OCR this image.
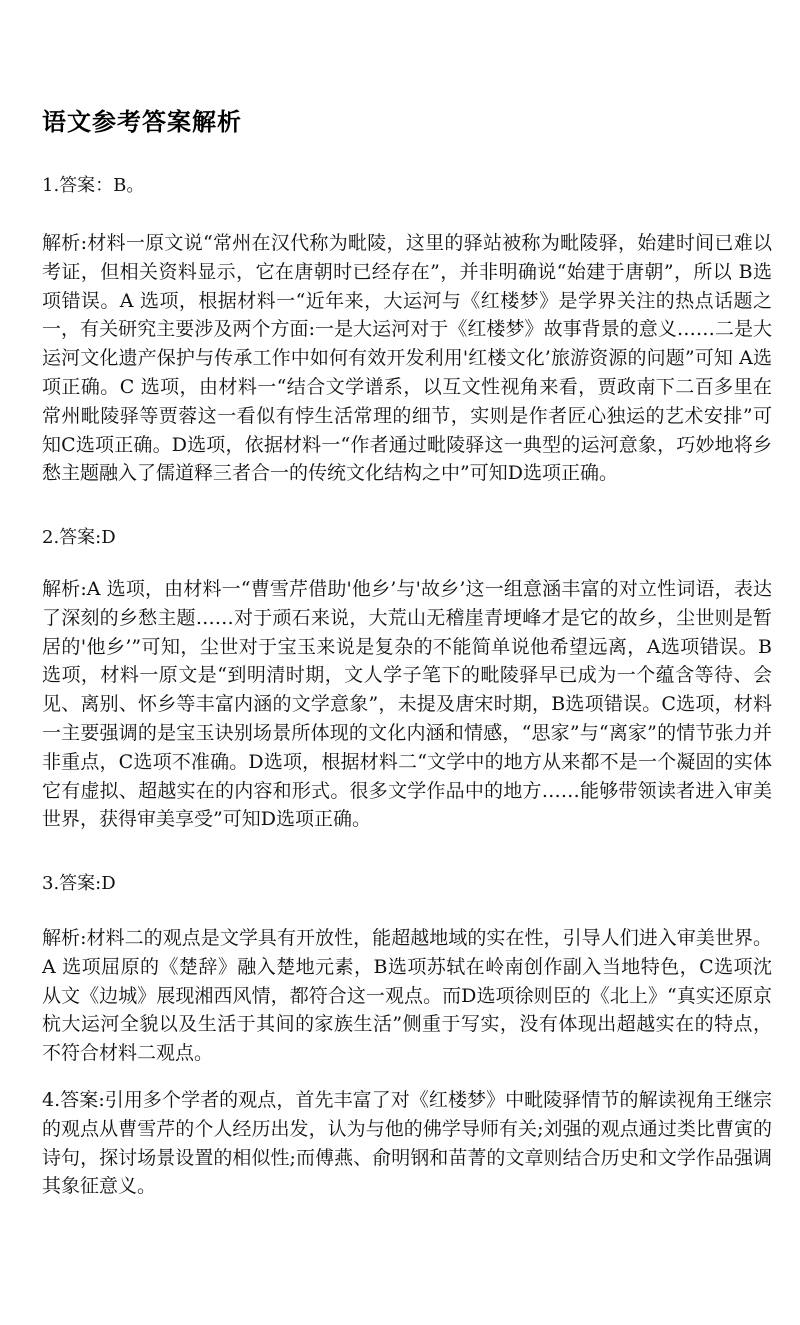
语文参考答案解析

1.答案：B。

解析:材料一原文说“常州在汉代称为毗陵，这里的驿站被称为毗陵驿，始建时间已难以考证，但相关资料显示，它在唐朝时已经存在”，并非明确说“始建于唐朝”，所以 B选项错误。A 选项，根据材料一“近年来，大运河与《红楼梦》是学界关注的热点话题之一，有关研究主要涉及两个方面:一是大运河对于《红楼梦》故事背景的意义……二是大运河文化遗产保护与传承工作中如何有效开发利用'红楼文化’旅游资源的问题”可知 A选项正确。C 选项，由材料一“结合文学谱系，以互文性视角来看，贾政南下二百多里在常州毗陵驿等贾蓉这一看似有悖生活常理的细节，实则是作者匠心独运的艺术安排”可知C选项正确。D选项，依据材料一“作者通过毗陵驿这一典型的运河意象，巧妙地将乡愁主题融入了儒道释三者合一的传统文化结构之中”可知D选项正确。

2.答案:D

解析:A 选项，由材料一“曹雪芹借助'他乡’与'故乡’这一组意涵丰富的对立性词语，表达了深刻的乡愁主题……对于顽石来说，大荒山无稽崖青埂峰才是它的故乡，尘世则是暂居的'他乡’”可知，尘世对于宝玉来说是复杂的不能简单说他希望远离，A选项错误。B选项，材料一原文是“到明清时期，文人学子笔下的毗陵驿早已成为一个蕴含等待、会见、离别、怀乡等丰富内涵的文学意象”，未提及唐宋时期，B选项错误。C选项，材料一主要强调的是宝玉诀别场景所体现的文化内涵和情感，“思家”与“离家”的情节张力并非重点，C选项不准确。D选项，根据材料二“文学中的地方从来都不是一个凝固的实体它有虚拟、超越实在的内容和形式。很多文学作品中的地方……能够带领读者进入审美世界，获得审美享受”可知D选项正确。

3.答案:D

解析:材料二的观点是文学具有开放性，能超越地域的实在性，引导人们进入审美世界。A 选项屈原的《楚辞》融入楚地元素，B选项苏轼在岭南创作副入当地特色，C选项沈从文《边城》展现湘西风情，都符合这一观点。而D选项徐则臣的《北上》“真实还原京杭大运河全貌以及生活于其间的家族生活”侧重于写实，没有体现出超越实在的特点，不符合材料二观点。

4.答案:引用多个学者的观点，首先丰富了对《红楼梦》中毗陵驿情节的解读视角王继宗的观点从曹雪芹的个人经历出发，认为与他的佛学导师有关;刘强的观点通过类比曹寅的诗句，探讨场景设置的相似性;而傅燕、俞明钢和苗菁的文章则结合历史和文学作品强调其象征意义。
